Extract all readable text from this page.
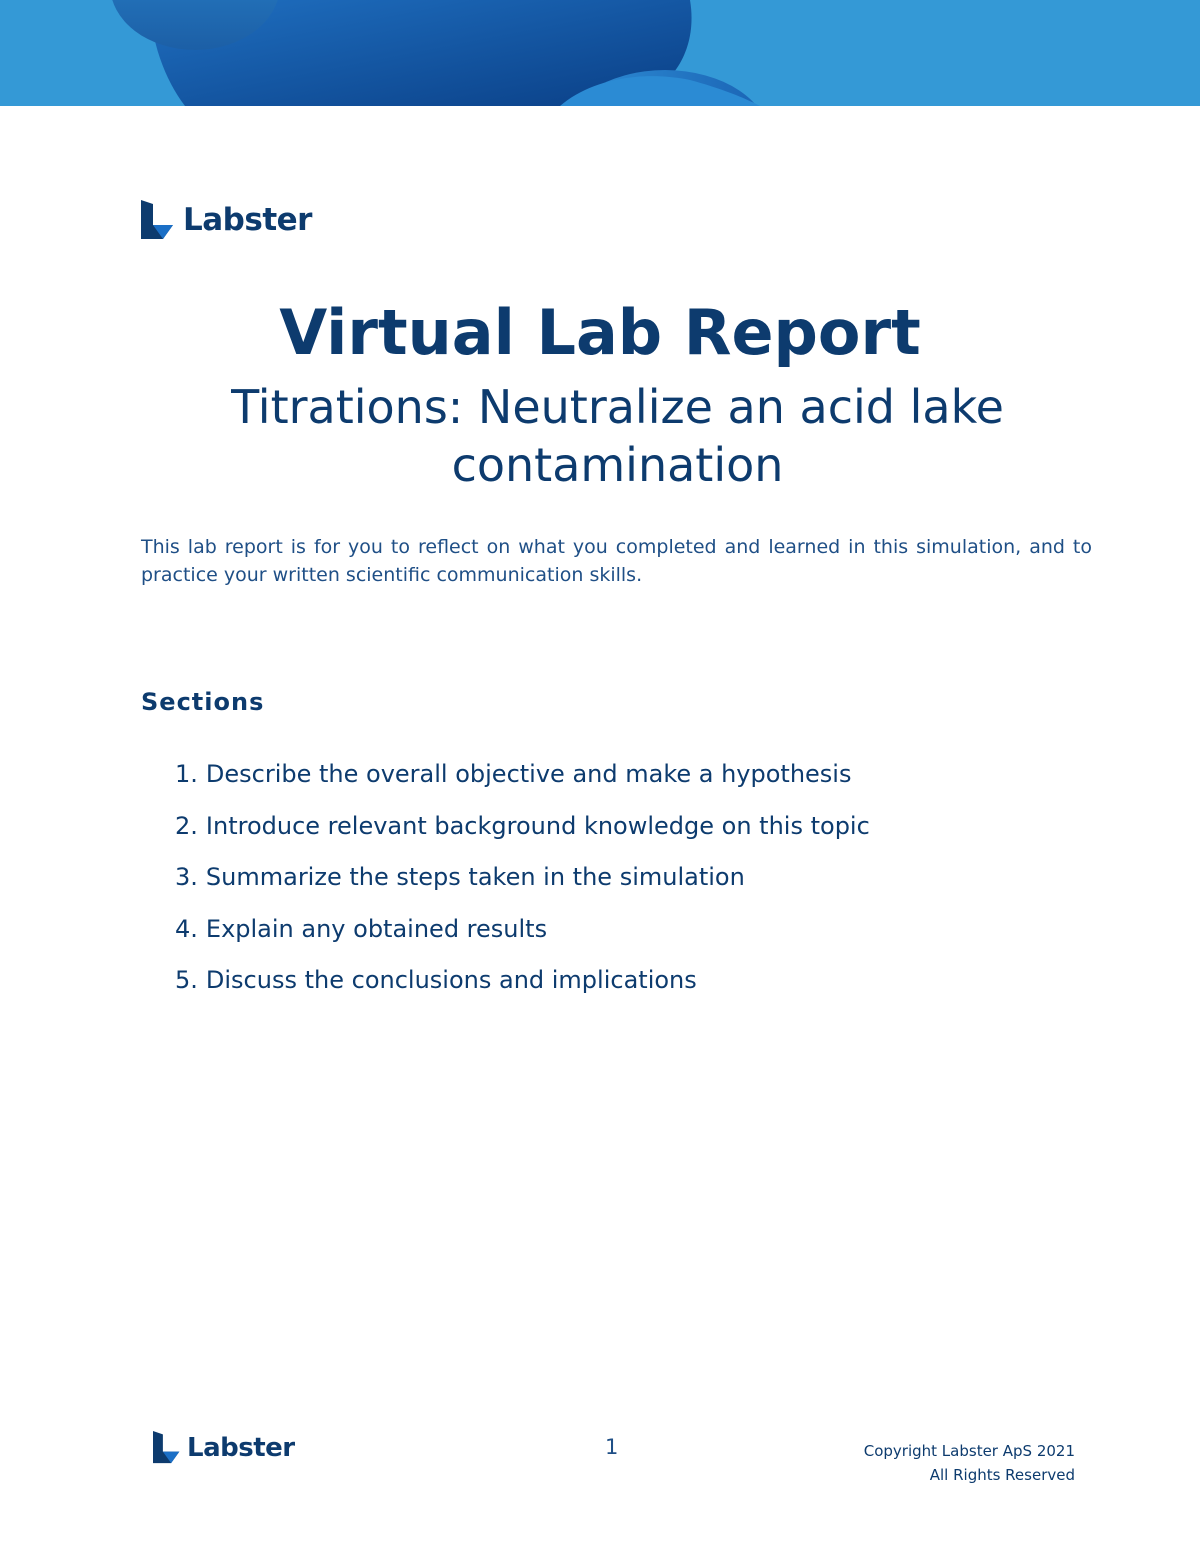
Labster
Virtual Lab Report
Titrations: Neutralize an acid lake contamination

This lab report is for you to reflect on what you completed and learned in this simulation, and to practice your written scientific communication skills.

Sections
1. Describe the overall objective and make a hypothesis
2. Introduce relevant background knowledge on this topic
3. Summarize the steps taken in the simulation
4. Explain any obtained results
5. Discuss the conclusions and implications
Labster	1	Copyright Labster ApS 2021
All Rights Reserved
